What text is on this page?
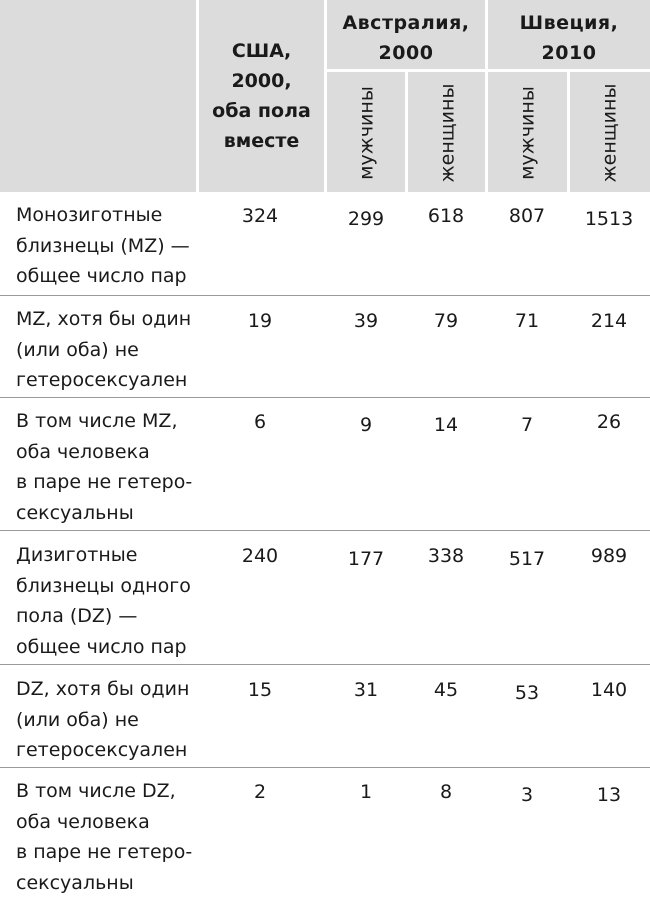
США,
2000,
оба пола
вместе
Австралия,
2000
Швеция,
2010
мужчины	женщины	мужчины	женщины
Монозиготные
близнецы (MZ) —
общее число пар
324	299	618	807	1513
MZ, хотя бы один
(или оба) не
гетеросексуален
19	39	79	71	214
В том числе MZ,
оба человека
в паре не гетеро-
сексуальны
6	9	14	7	26
Дизиготные
близнецы одного
пола (DZ) —
общее число пар
240	177	338	517	989
DZ, хотя бы один
(или оба) не
гетеросексуален
15	31	45	53	140
В том числе DZ,
оба человека
в паре не гетеро-
сексуальны
2	1	8	3	13
